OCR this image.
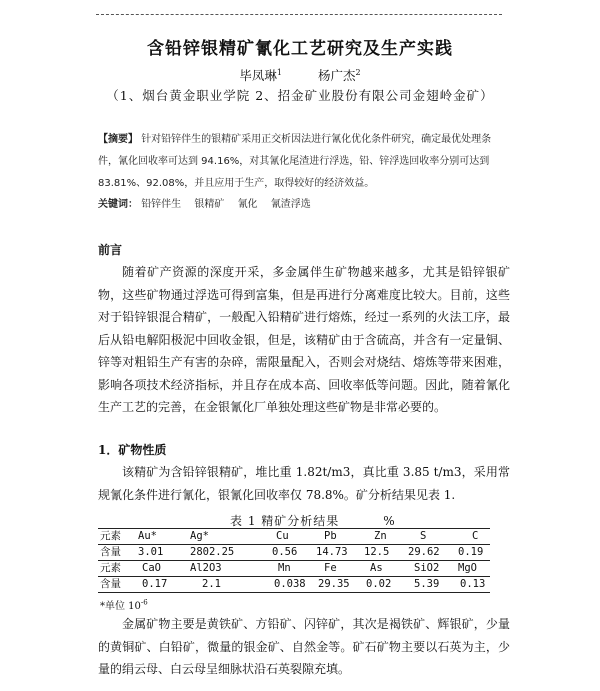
含铅锌银精矿氰化工艺研究及生产实践
毕凤琳$^1$	杨广杰$^2$
（1、烟台黄金职业学院 2、招金矿业股份有限公司金翅岭金矿）
【摘要】 针对铅锌伴生的银精矿采用正交析因法进行氰化优化条件研究，确定最优处理条件，氰化回收率可达到 94.16%，对其氰化尾渣进行浮选，铅、锌浮选回收率分别可达到 83.81%、92.08%，并且应用于生产，取得较好的经济效益。
关键词： 铅锌伴生 银精矿 氰化 氰渣浮选
前言
随着矿产资源的深度开采，多金属伴生矿物越来越多，尤其是铅锌银矿物，这些矿物通过浮选可得到富集，但是再进行分离难度比较大。目前，这些对于铅锌银混合精矿，一般配入铅精矿进行熔炼，经过一系列的火法工序，最后从铅电解阳极泥中回收金银，但是，该精矿由于含硫高，并含有一定量铜、锌等对粗铅生产有害的杂碎，需限量配入，否则会对烧结、熔炼等带来困难，影响各项技术经济指标，并且存在成本高、回收率低等问题。因此，随着氰化生产工艺的完善，在金银氰化厂单独处理这些矿物是非常必要的。
1．矿物性质
该精矿为含铅锌银精矿，堆比重 1.82t/m3，真比重 3.85 t/m3，采用常规氰化条件进行氰化，银氰化回收率仅 78.8%。矿分析结果见表 1.
表 1 精矿分析结果	%
元素 Au*	Ag*	Cu	Pb	Zn	S	C
含量 3.01	2802.25	0.56 14.73 12.5 29.62 0.19
元素 CaO	Al2O3	Mn	Fe	As	SiO2 MgO
含量 0.17	2.1	0.038 29.35 0.02 5.39 0.13
*单位 $10^{-6}$
金属矿物主要是黄铁矿、方铅矿、闪锌矿，其次是褐铁矿、辉银矿，少量的黄铜矿、白铅矿，微量的银金矿、自然金等。矿石矿物主要以石英为主，少量的绢云母、白云母呈细脉状沿石英裂隙充填。
